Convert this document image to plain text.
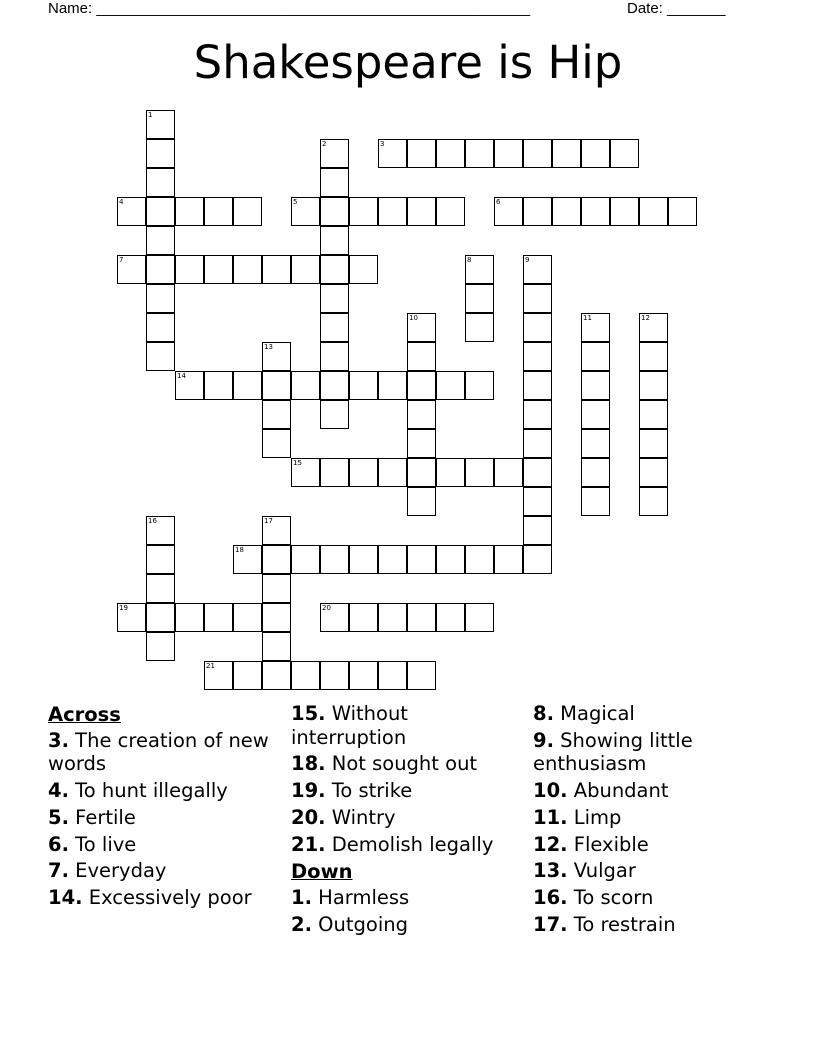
Name: ____________________________________________________	Date: _______
Shakespeare is Hip
1
2	3
4	5	6
7	8	9
10	11	12
13
14
15
16	17
18
19	20
21
Across
3. The creation of new words
4. To hunt illegally
5. Fertile
6. To live
7. Everyday
14. Excessively poor
15. Without interruption
18. Not sought out
19. To strike
20. Wintry
21. Demolish legally
Down
1. Harmless
2. Outgoing
8. Magical
9. Showing little enthusiasm
10. Abundant
11. Limp
12. Flexible
13. Vulgar
16. To scorn
17. To restrain
